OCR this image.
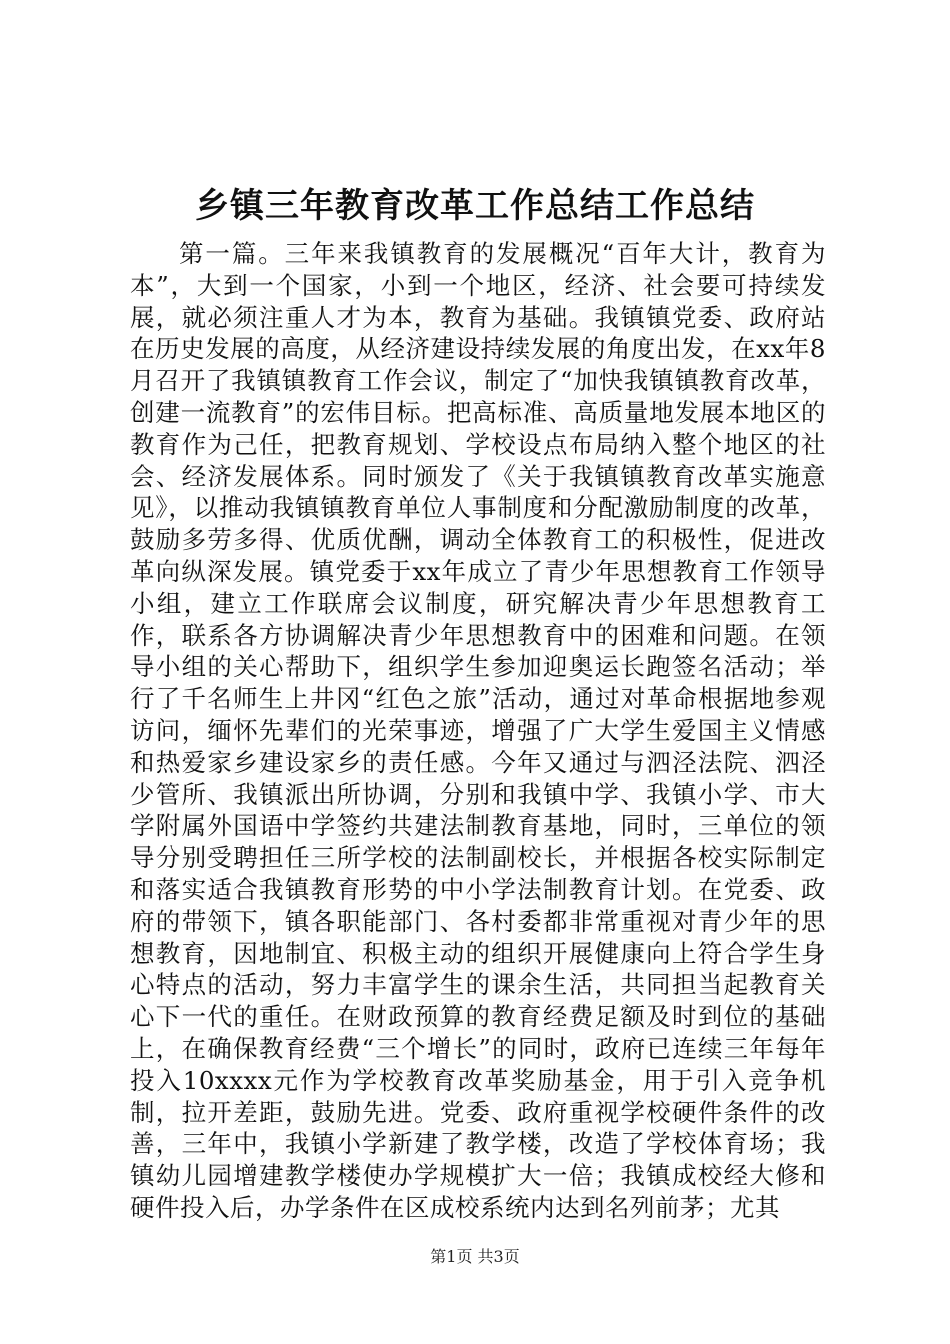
乡镇三年教育改革工作总结工作总结

第一篇。三年来我镇教育的发展概况“百年大计，教育为本”，大到一个国家，小到一个地区，经济、社会要可持续发展，就必须注重人才为本，教育为基础。我镇镇党委、政府站在历史发展的高度，从经济建设持续发展的角度出发，在xx年8月召开了我镇镇教育工作会议，制定了“加快我镇镇教育改革，创建一流教育”的宏伟目标。把高标准、高质量地发展本地区的教育作为己任，把教育规划、学校设点布局纳入整个地区的社会、经济发展体系。同时颁发了《关于我镇镇教育改革实施意见》，以推动我镇镇教育单位人事制度和分配激励制度的改革，鼓励多劳多得、优质优酬，调动全体教育工的积极性，促进改革向纵深发展。镇党委于xx年成立了青少年思想教育工作领导小组，建立工作联席会议制度，研究解决青少年思想教育工作，联系各方协调解决青少年思想教育中的困难和问题。在领导小组的关心帮助下，组织学生参加迎奥运长跑签名活动；举行了千名师生上井冈“红色之旅”活动，通过对革命根据地参观访问，缅怀先辈们的光荣事迹，增强了广大学生爱国主义情感和热爱家乡建设家乡的责任感。今年又通过与泗泾法院、泗泾少管所、我镇派出所协调，分别和我镇中学、我镇小学、市大学附属外国语中学签约共建法制教育基地，同时，三单位的领导分别受聘担任三所学校的法制副校长，并根据各校实际制定和落实适合我镇教育形势的中小学法制教育计划。在党委、政府的带领下，镇各职能部门、各村委都非常重视对青少年的思想教育，因地制宜、积极主动的组织开展健康向上符合学生身心特点的活动，努力丰富学生的课余生活，共同担当起教育关心下一代的重任。在财政预算的教育经费足额及时到位的基础上，在确保教育经费“三个增长”的同时，政府已连续三年每年投入10xxxx元作为学校教育改革奖励基金，用于引入竞争机制，拉开差距，鼓励先进。党委、政府重视学校硬件条件的改善，三年中，我镇小学新建了教学楼，改造了学校体育场；我镇幼儿园增建教学楼使办学规模扩大一倍；我镇成校经大修和硬件投入后，办学条件在区成校系统内达到名列前茅；尤其

第1页 共3页
